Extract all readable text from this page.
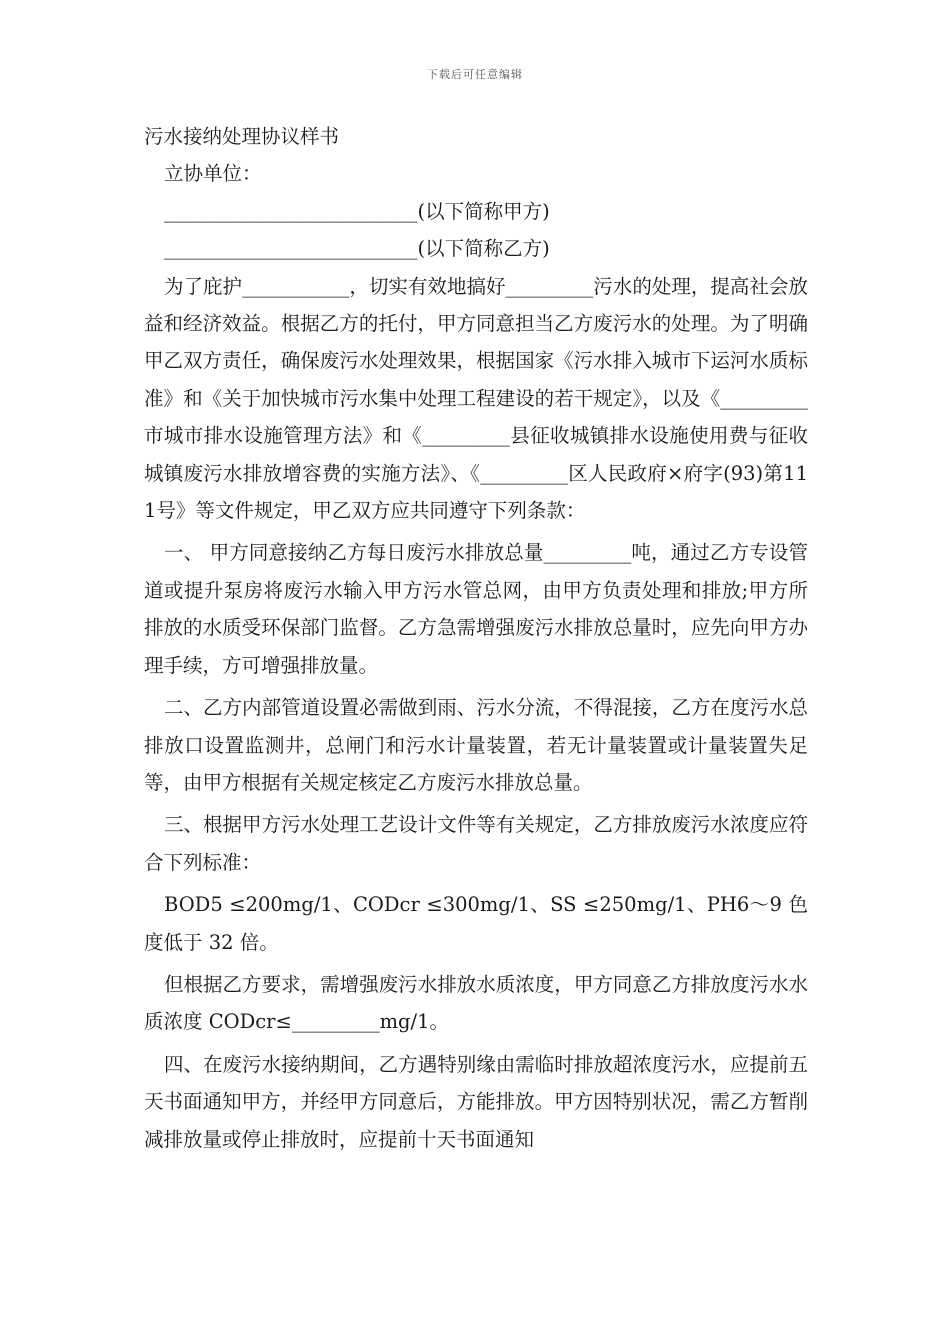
下载后可任意编辑

污水接纳处理协议样书

立协单位：

__________________________(以下简称甲方)

__________________________(以下简称乙方)

为了庇护___________，切实有效地搞好_________污水的处理，提高社会放益和经济效益。根据乙方的托付，甲方同意担当乙方废污水的处理。为了明确甲乙双方责任，确保废污水处理效果，根据国家《污水排入城市下运河水质标准》和《关于加快城市污水集中处理工程建设的若干规定》，以及《_________市城市排水设施管理方法》和《_________县征收城镇排水设施使用费与征收城镇废污水排放增容费的实施方法》、《_________区人民政府×府字(93)第111号》等文件规定，甲乙双方应共同遵守下列条款：

一、 甲方同意接纳乙方每日废污水排放总量_________吨，通过乙方专设管道或提升泵房将废污水输入甲方污水管总网，由甲方负责处理和排放;甲方所排放的水质受环保部门监督。乙方急需增强废污水排放总量时，应先向甲方办理手续，方可增强排放量。

二、乙方内部管道设置必需做到雨、污水分流，不得混接，乙方在度污水总排放口设置监测井，总闸门和污水计量装置，若无计量装置或计量装置失足等，由甲方根据有关规定核定乙方废污水排放总量。

三、根据甲方污水处理工艺设计文件等有关规定，乙方排放废污水浓度应符合下列标准：

BOD5 ≤200mg/1、CODcr ≤300mg/1、SS ≤250mg/1、PH6～9 色度低于 32 倍。

但根据乙方要求，需增强废污水排放水质浓度，甲方同意乙方排放度污水水质浓度 CODcr≤_________mg/1。

四、在废污水接纳期间，乙方遇特别缘由需临时排放超浓度污水，应提前五天书面通知甲方，并经甲方同意后，方能排放。甲方因特别状况，需乙方暂削减排放量或停止排放时，应提前十天书面通知
